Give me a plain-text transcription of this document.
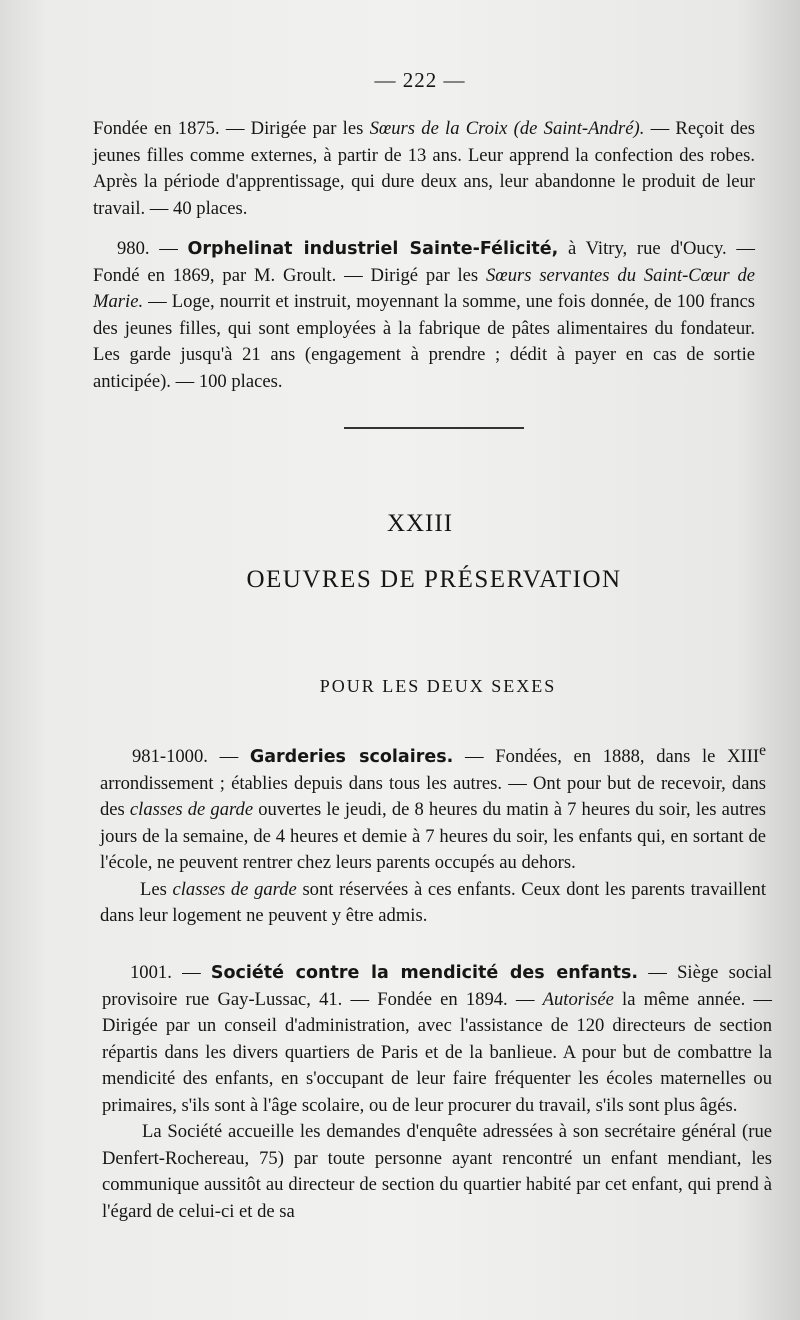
— 222 —

Fondée en 1875. — Dirigée par les Sœurs de la Croix (de Saint-André). — Reçoit des jeunes filles comme externes, à partir de 13 ans. Leur apprend la confection des robes. Après la période d'apprentissage, qui dure deux ans, leur abandonne le produit de leur travail. — 40 places.

980. — Orphelinat industriel Sainte-Félicité, à Vitry, rue d'Oucy. — Fondé en 1869, par M. Groult. — Dirigé par les Sœurs servantes du Saint-Cœur de Marie. — Loge, nourrit et instruit, moyennant la somme, une fois donnée, de 100 francs des jeunes filles, qui sont employées à la fabrique de pâtes alimentaires du fondateur. Les garde jusqu'à 21 ans (engagement à prendre ; dédit à payer en cas de sortie anticipée). — 100 places.

XXIII
OEUVRES DE PRÉSERVATION
POUR LES DEUX SEXES

981-1000. — Garderies scolaires. — Fondées, en 1888, dans le XIIIe arrondissement ; établies depuis dans tous les autres. — Ont pour but de recevoir, dans des classes de garde ouvertes le jeudi, de 8 heures du matin à 7 heures du soir, les autres jours de la semaine, de 4 heures et demie à 7 heures du soir, les enfants qui, en sortant de l'école, ne peuvent rentrer chez leurs parents occupés au dehors.

Les classes de garde sont réservées à ces enfants. Ceux dont les parents travaillent dans leur logement ne peuvent y être admis.

1001. — Société contre la mendicité des enfants. — Siège social provisoire rue Gay-Lussac, 41. — Fondée en 1894. — Autorisée la même année. — Dirigée par un conseil d'administration, avec l'assistance de 120 directeurs de section répartis dans les divers quartiers de Paris et de la banlieue. A pour but de combattre la mendicité des enfants, en s'occupant de leur faire fréquenter les écoles maternelles ou primaires, s'ils sont à l'âge scolaire, ou de leur procurer du travail, s'ils sont plus âgés.

La Société accueille les demandes d'enquête adressées à son secrétaire général (rue Denfert-Rochereau, 75) par toute personne ayant rencontré un enfant mendiant, les communique aussitôt au directeur de section du quartier habité par cet enfant, qui prend à l'égard de celui-ci et de sa
